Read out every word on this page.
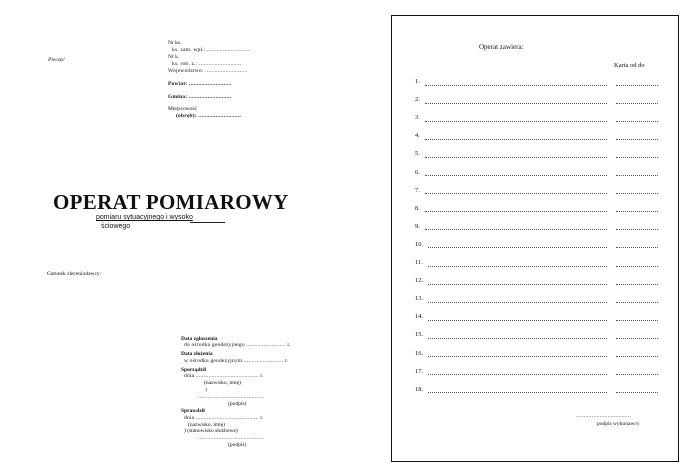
Pieczęć
Nr ks.
ks. zam. wpł.: ...........................
Nr k.
ks. rob. z.: ...........................
Województwo: ...........................
Powiat: ...........................
Gmina: ...........................
Miejscowość
(obręb): ...........................
OPERAT POMIAROWY
pomiaru sytuacyjnego i wysoko
ściowego
Gatunek zleceniodawcy:
Data zgłoszenia
do ośrodka geodezyjnego ......................... r.
Data złożenia
w ośrodku geodezyjnym ......................... r.
Sporządził
dnia ........................................ r.
(nazwisko, imię)
)
..........................................
(podpis)
Sprawdził
dnia ........................................ r.
(nazwisko, imię)
) (stanowisko służbowe)
..........................................
(podpis)
Operat zawiera:
Karta od do
1.
2.
3.
4.
5.
6.
7.
8.
9.
10.
11.
12.
13.
14.
15.
16.
17.
18.
...................................
podpis wykonawcy
